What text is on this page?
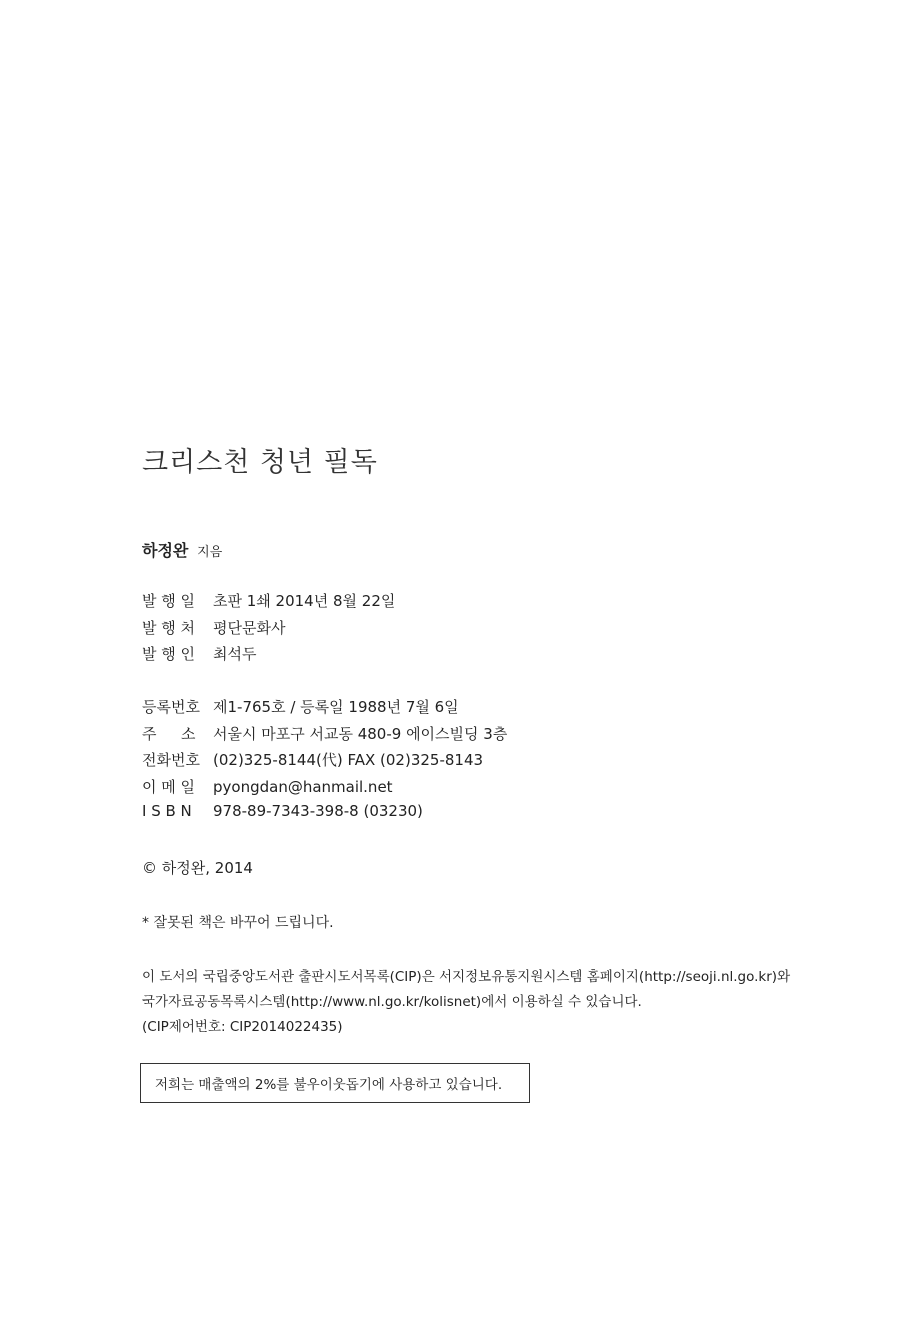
크리스천 청년 필독
하정완 지음
발 행 일	초판 1쇄 2014년 8월 22일
발 행 처	평단문화사
발 행 인	최석두
등록번호 제1-765호 / 등록일 1988년 7월 6일
주 　 소	서울시 마포구 서교동 480-9 에이스빌딩 3층
전화번호 (02)325-8144(代) FAX (02)325-8143
이 메 일	pyongdan@hanmail.net
I S B N	978-89-7343-398-8 (03230)
© 하정완, 2014
* 잘못된 책은 바꾸어 드립니다.
이 도서의 국립중앙도서관 출판시도서목록(CIP)은 서지정보유통지원시스템 홈페이지(http://seoji.nl.go.kr)와
국가자료공동목록시스템(http://www.nl.go.kr/kolisnet)에서 이용하실 수 있습니다.
(CIP제어번호: CIP2014022435)
저희는 매출액의 2%를 불우이웃돕기에 사용하고 있습니다.
